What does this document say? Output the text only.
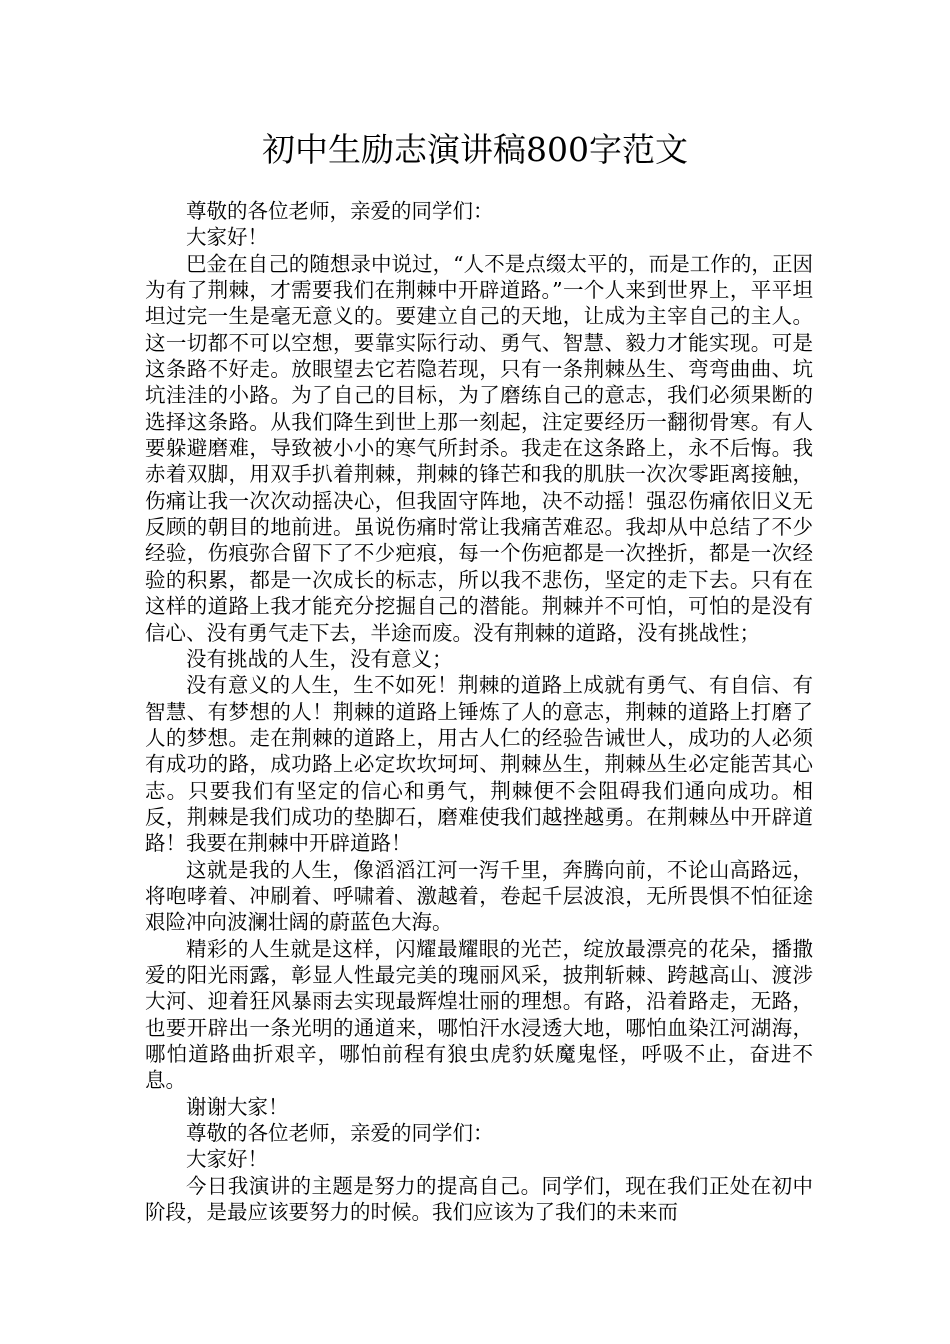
初中生励志演讲稿800字范文

尊敬的各位老师，亲爱的同学们：

大家好！

巴金在自己的随想录中说过，“人不是点缀太平的，而是工作的，正因为有了荆棘，才需要我们在荆棘中开辟道路。”一个人来到世界上，平平坦坦过完一生是毫无意义的。要建立自己的天地，让成为主宰自己的主人。这一切都不可以空想，要靠实际行动、勇气、智慧、毅力才能实现。可是这条路不好走。放眼望去它若隐若现，只有一条荆棘丛生、弯弯曲曲、坑坑洼洼的小路。为了自己的目标，为了磨练自己的意志，我们必须果断的选择这条路。从我们降生到世上那一刻起，注定要经历一翻彻骨寒。有人要躲避磨难，导致被小小的寒气所封杀。我走在这条路上，永不后悔。我赤着双脚，用双手扒着荆棘，荆棘的锋芒和我的肌肤一次次零距离接触，伤痛让我一次次动摇决心，但我固守阵地，决不动摇！强忍伤痛依旧义无反顾的朝目的地前进。虽说伤痛时常让我痛苦难忍。我却从中总结了不少经验，伤痕弥合留下了不少疤痕，每一个伤疤都是一次挫折，都是一次经验的积累，都是一次成长的标志，所以我不悲伤，坚定的走下去。只有在这样的道路上我才能充分挖掘自己的潜能。荆棘并不可怕，可怕的是没有信心、没有勇气走下去，半途而废。没有荆棘的道路，没有挑战性；

没有挑战的人生，没有意义；

没有意义的人生，生不如死！荆棘的道路上成就有勇气、有自信、有智慧、有梦想的人！荆棘的道路上锤炼了人的意志，荆棘的道路上打磨了人的梦想。走在荆棘的道路上，用古人仁的经验告诫世人，成功的人必须有成功的路，成功路上必定坎坎坷坷、荆棘丛生，荆棘丛生必定能苦其心志。只要我们有坚定的信心和勇气，荆棘便不会阻碍我们通向成功。相反，荆棘是我们成功的垫脚石，磨难使我们越挫越勇。在荆棘丛中开辟道路！我要在荆棘中开辟道路！

这就是我的人生，像滔滔江河一泻千里，奔腾向前，不论山高路远，将咆哮着、冲刷着、呼啸着、激越着，卷起千层波浪，无所畏惧不怕征途艰险冲向波澜壮阔的蔚蓝色大海。

精彩的人生就是这样，闪耀最耀眼的光芒，绽放最漂亮的花朵，播撒爱的阳光雨露，彰显人性最完美的瑰丽风采，披荆斩棘、跨越高山、渡涉大河、迎着狂风暴雨去实现最辉煌壮丽的理想。有路，沿着路走，无路，也要开辟出一条光明的通道来，哪怕汗水浸透大地，哪怕血染江河湖海，哪怕道路曲折艰辛，哪怕前程有狼虫虎豹妖魔鬼怪，呼吸不止，奋进不息。

谢谢大家！

尊敬的各位老师，亲爱的同学们：

大家好！

今日我演讲的主题是努力的提高自己。同学们，现在我们正处在初中阶段，是最应该要努力的时候。我们应该为了我们的未来而
